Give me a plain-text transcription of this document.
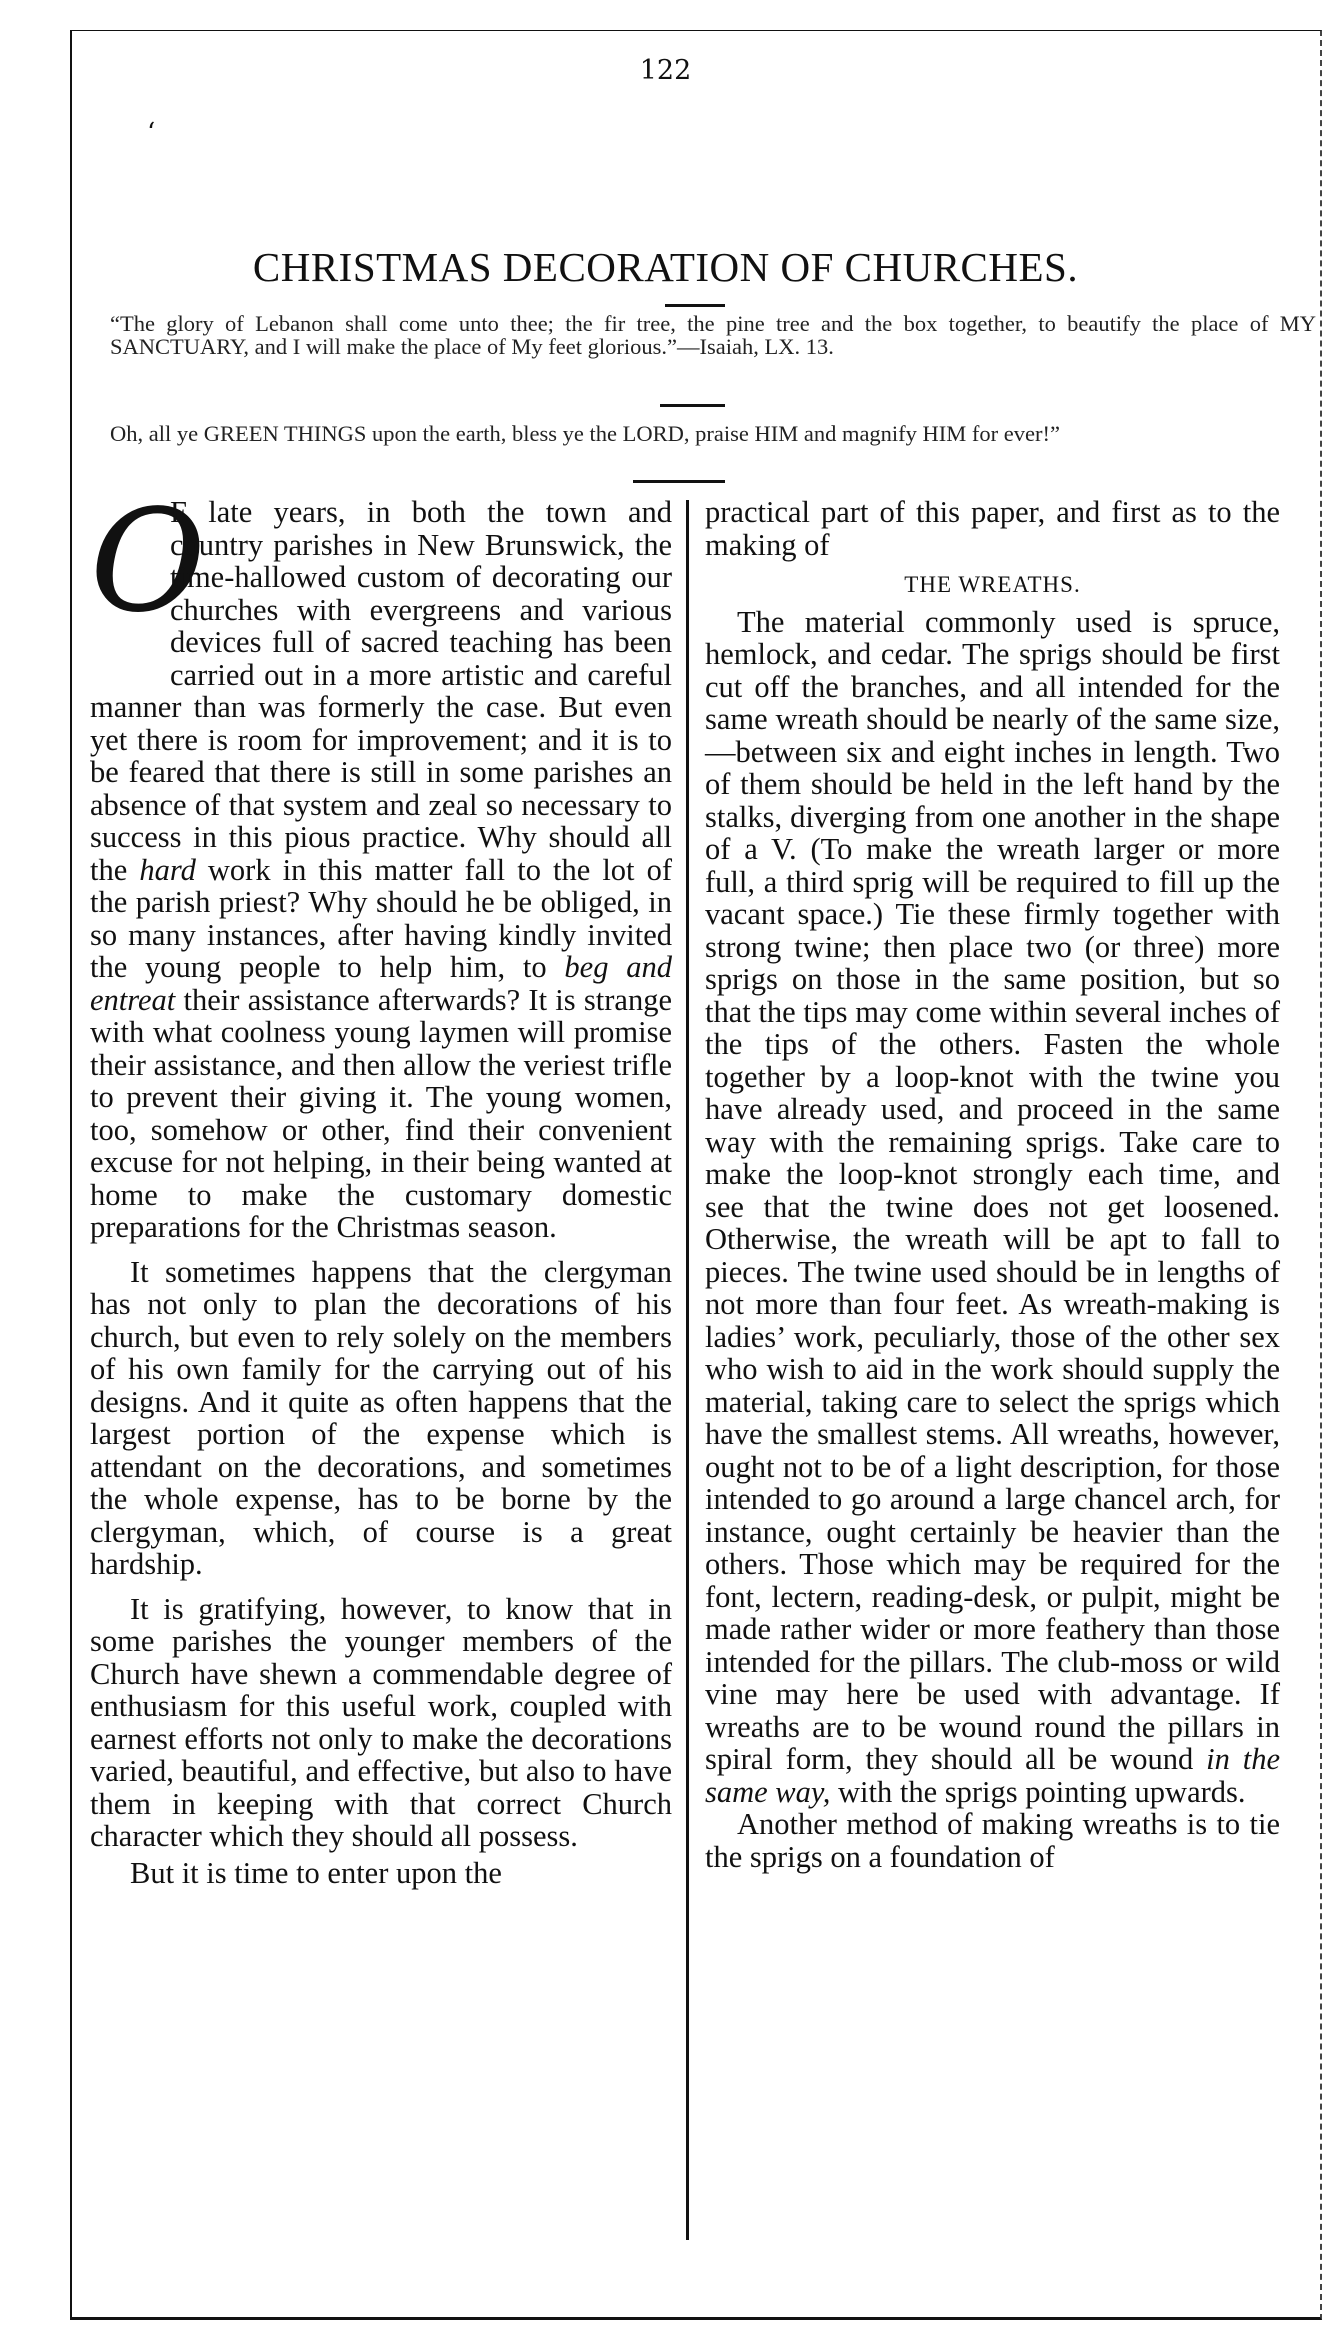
122
‘
CHRISTMAS DECORATION OF CHURCHES.
“The glory of Lebanon shall come unto thee; the fir tree, the pine tree and the box together, to beautify the place of MY SANCTUARY, and I will make the place of My feet glorious.”—Isaiah, LX. 13.
Oh, all ye GREEN THINGS upon the earth, bless ye the LORD, praise HIM and magnify HIM for ever!”

O
F late years, in both the town and country parishes in New Brunswick, the time-hallowed custom of decorating our churches with evergreens and various devices full of sacred teaching has been carried out in a more artistic and careful manner than was formerly the case. But even yet there is room for improvement; and it is to be feared that there is still in some parishes an absence of that system and zeal so necessary to success in this pious practice. Why should all the hard work in this matter fall to the lot of the parish priest? Why should he be obliged, in so many instances, after having kindly invited the young people to help him, to beg and entreat their assistance afterwards? It is strange with what coolness young laymen will promise their assistance, and then allow the veriest trifle to prevent their giving it. The young women, too, somehow or other, find their convenient excuse for not helping, in their being wanted at home to make the customary domestic preparations for the Christmas season.

It sometimes happens that the clergyman has not only to plan the decorations of his church, but even to rely solely on the members of his own family for the carrying out of his designs. And it quite as often happens that the largest portion of the expense which is attendant on the decorations, and sometimes the whole expense, has to be borne by the clergyman, which, of course is a great hardship.

It is gratifying, however, to know that in some parishes the younger members of the Church have shewn a commendable degree of enthusiasm for this useful work, coupled with earnest efforts not only to make the decorations varied, beautiful, and effective, but also to have them in keeping with that correct Church character which they should all possess.

But it is time to enter upon the

practical part of this paper, and first as to the making of

THE WREATHS.

The material commonly used is spruce, hemlock, and cedar. The sprigs should be first cut off the branches, and all intended for the same wreath should be nearly of the same size,—between six and eight inches in length. Two of them should be held in the left hand by the stalks, diverging from one another in the shape of a V. (To make the wreath larger or more full, a third sprig will be required to fill up the vacant space.) Tie these firmly together with strong twine; then place two (or three) more sprigs on those in the same position, but so that the tips may come within several inches of the tips of the others. Fasten the whole together by a loop-knot with the twine you have already used, and proceed in the same way with the remaining sprigs. Take care to make the loop-knot strongly each time, and see that the twine does not get loosened. Otherwise, the wreath will be apt to fall to pieces. The twine used should be in lengths of not more than four feet. As wreath-making is ladies’ work, peculiarly, those of the other sex who wish to aid in the work should supply the material, taking care to select the sprigs which have the smallest stems. All wreaths, however, ought not to be of a light description, for those intended to go around a large chancel arch, for instance, ought certainly be heavier than the others. Those which may be required for the font, lectern, reading-desk, or pulpit, might be made rather wider or more feathery than those intended for the pillars. The club-moss or wild vine may here be used with advantage. If wreaths are to be wound round the pillars in spiral form, they should all be wound in the same way, with the sprigs pointing upwards.

Another method of making wreaths is to tie the sprigs on a foundation of
